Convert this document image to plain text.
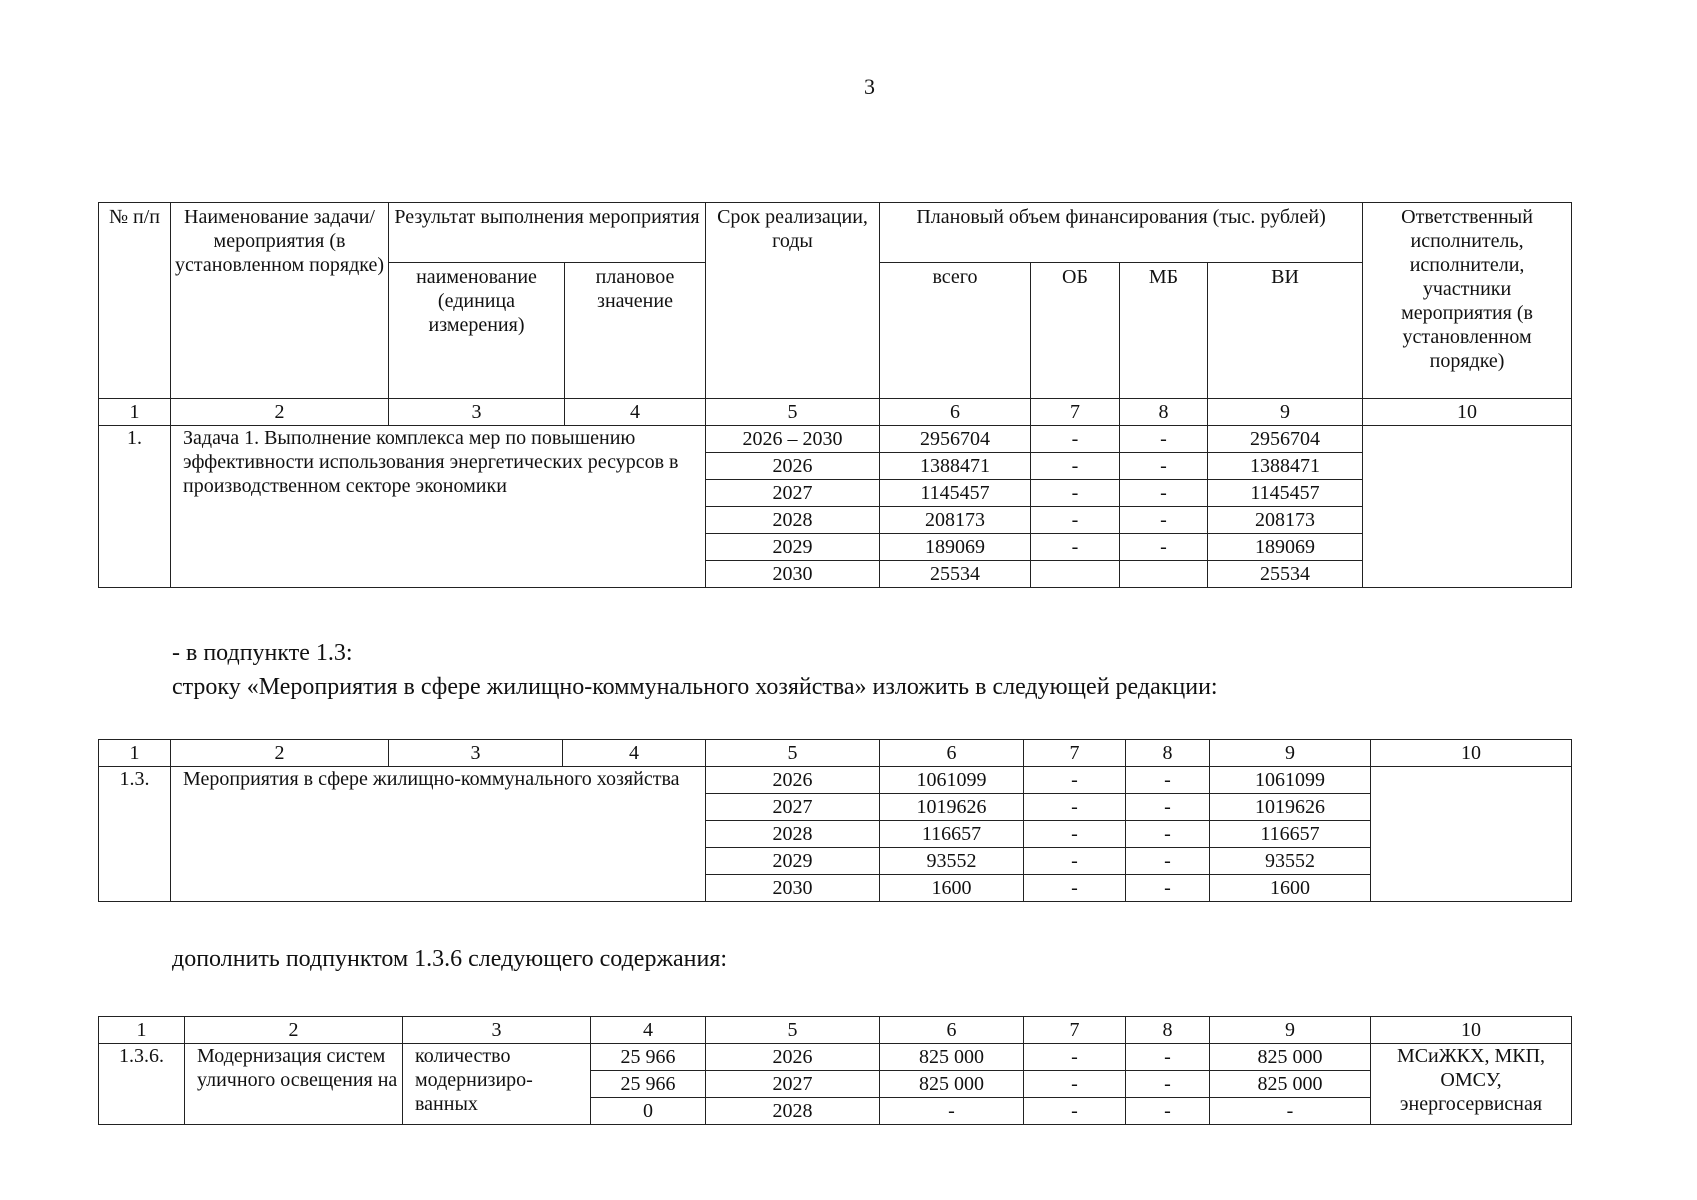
3
№ п/п	Наименование задачи/ мероприятия (в установленном порядке)	Результат выполнения мероприятия		Срок реализации, годы	Плановый объем финансирования (тыс. рублей)				Ответственный исполнитель, исполнители, участники мероприятия (в установленном порядке)
		наименование (единица измерения)	плановое значение		всего	ОБ	МБ	ВИ	
1	2	3	4	5	6	7	8	9	10
1.	Задача 1. Выполнение комплекса мер по повышению эффективности использования энергетических ресурсов в производственном секторе экономики			2026 – 2030	2956704	-	-	2956704	
				2026	1388471	-	-	1388471	
				2027	1145457	-	-	1145457	
				2028	208173	-	-	208173	
				2029	189069	-	-	189069	
				2030	25534			25534	
- в подпункте 1.3:
строку «Мероприятия в сфере жилищно-коммунального хозяйства» изложить в следующей редакции:
1	2	3	4	5	6	7	8	9	10
1.3.	Мероприятия в сфере жилищно-коммунального хозяйства			2026	1061099	-	-	1061099	
				2027	1019626	-	-	1019626	
				2028	116657	-	-	116657	
				2029	93552	-	-	93552	
				2030	1600	-	-	1600	
дополнить подпунктом 1.3.6 следующего содержания:
1	2	3	4	5	6	7	8	9	10
1.3.6.	Модернизация систем уличного освещения на	количество модернизиро- ванных	25 966	2026	825 000	-	-	825 000	МСиЖКХ, МКП, ОМСУ, энергосервисная
			25 966	2027	825 000	-	-	825 000	
			0	2028	-	-	-	-	
